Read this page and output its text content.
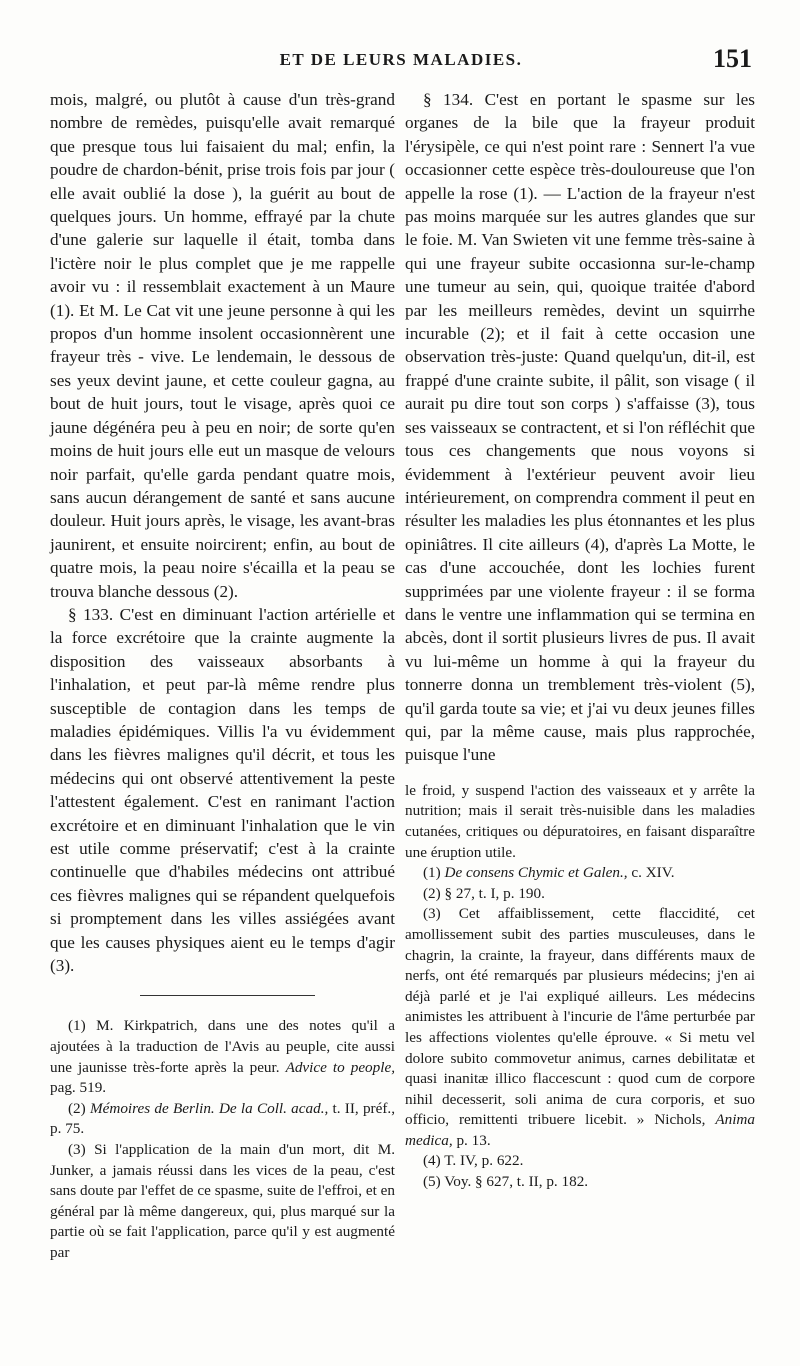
ET DE LEURS MALADIES.	151

mois, malgré, ou plutôt à cause d'un très-grand nombre de remèdes, puisqu'elle avait remarqué que presque tous lui faisaient du mal; enfin, la poudre de chardon-bénit, prise trois fois par jour ( elle avait oublié la dose ), la guérit au bout de quelques jours. Un homme, effrayé par la chute d'une galerie sur laquelle il était, tomba dans l'ictère noir le plus complet que je me rappelle avoir vu : il ressemblait exactement à un Maure (1). Et M. Le Cat vit une jeune personne à qui les propos d'un homme insolent occasionnèrent une frayeur très - vive. Le lendemain, le dessous de ses yeux devint jaune, et cette couleur gagna, au bout de huit jours, tout le visage, après quoi ce jaune dégénéra peu à peu en noir; de sorte qu'en moins de huit jours elle eut un masque de velours noir parfait, qu'elle garda pendant quatre mois, sans aucun dérangement de santé et sans aucune douleur. Huit jours après, le visage, les avant-bras jaunirent, et ensuite noircirent; enfin, au bout de quatre mois, la peau noire s'écailla et la peau se trouva blanche dessous (2).

§ 133. C'est en diminuant l'action artérielle et la force excrétoire que la crainte augmente la disposition des vaisseaux absorbants à l'inhalation, et peut par-là même rendre plus susceptible de contagion dans les temps de maladies épidémiques. Villis l'a vu évidemment dans les fièvres malignes qu'il décrit, et tous les médecins qui ont observé attentivement la peste l'attestent également. C'est en ranimant l'action excrétoire et en diminuant l'inhalation que le vin est utile comme préservatif; c'est à la crainte continuelle que d'habiles médecins ont attribué ces fièvres malignes qui se répandent quelquefois si promptement dans les villes assiégées avant que les causes physiques aient eu le temps d'agir (3).

(1) M. Kirkpatrich, dans une des notes qu'il a ajoutées à la traduction de l'Avis au peuple, cite aussi une jaunisse très-forte après la peur. Advice to people, pag. 519.

(2) Mémoires de Berlin. De la Coll. acad., t. II, préf., p. 75.

(3) Si l'application de la main d'un mort, dit M. Junker, a jamais réussi dans les vices de la peau, c'est sans doute par l'effet de ce spasme, suite de l'effroi, et en général par là même dangereux, qui, plus marqué sur la partie où se fait l'application, parce qu'il y est augmenté par

§ 134. C'est en portant le spasme sur les organes de la bile que la frayeur produit l'érysipèle, ce qui n'est point rare : Sennert l'a vue occasionner cette espèce très-douloureuse que l'on appelle la rose (1). — L'action de la frayeur n'est pas moins marquée sur les autres glandes que sur le foie. M. Van Swieten vit une femme très-saine à qui une frayeur subite occasionna sur-le-champ une tumeur au sein, qui, quoique traitée d'abord par les meilleurs remèdes, devint un squirrhe incurable (2); et il fait à cette occasion une observation très-juste: Quand quelqu'un, dit-il, est frappé d'une crainte subite, il pâlit, son visage ( il aurait pu dire tout son corps ) s'affaisse (3), tous ses vaisseaux se contractent, et si l'on réfléchit que tous ces changements que nous voyons si évidemment à l'extérieur peuvent avoir lieu intérieurement, on comprendra comment il peut en résulter les maladies les plus étonnantes et les plus opiniâtres. Il cite ailleurs (4), d'après La Motte, le cas d'une accouchée, dont les lochies furent supprimées par une violente frayeur : il se forma dans le ventre une inflammation qui se termina en abcès, dont il sortit plusieurs livres de pus. Il avait vu lui-même un homme à qui la frayeur du tonnerre donna un tremblement très-violent (5), qu'il garda toute sa vie; et j'ai vu deux jeunes filles qui, par la même cause, mais plus rapprochée, puisque l'une

le froid, y suspend l'action des vaisseaux et y arrête la nutrition; mais il serait très-nuisible dans les maladies cutanées, critiques ou dépuratoires, en faisant disparaître une éruption utile.

(1) De consens Chymic et Galen., c. XIV.

(2) § 27, t. I, p. 190.

(3) Cet affaiblissement, cette flaccidité, cet amollissement subit des parties musculeuses, dans le chagrin, la crainte, la frayeur, dans différents maux de nerfs, ont été remarqués par plusieurs médecins; j'en ai déjà parlé et je l'ai expliqué ailleurs. Les médecins animistes les attribuent à l'incurie de l'âme perturbée par les affections violentes qu'elle éprouve. « Si metu vel dolore subito commovetur animus, carnes debilitatæ et quasi inanitæ illico flaccescunt : quod cum de corpore nihil decesserit, soli anima de cura corporis, et suo officio, remittenti tribuere licebit. » Nichols, Anima medica, p. 13.

(4) T. IV, p. 622.

(5) Voy. § 627, t. II, p. 182.
